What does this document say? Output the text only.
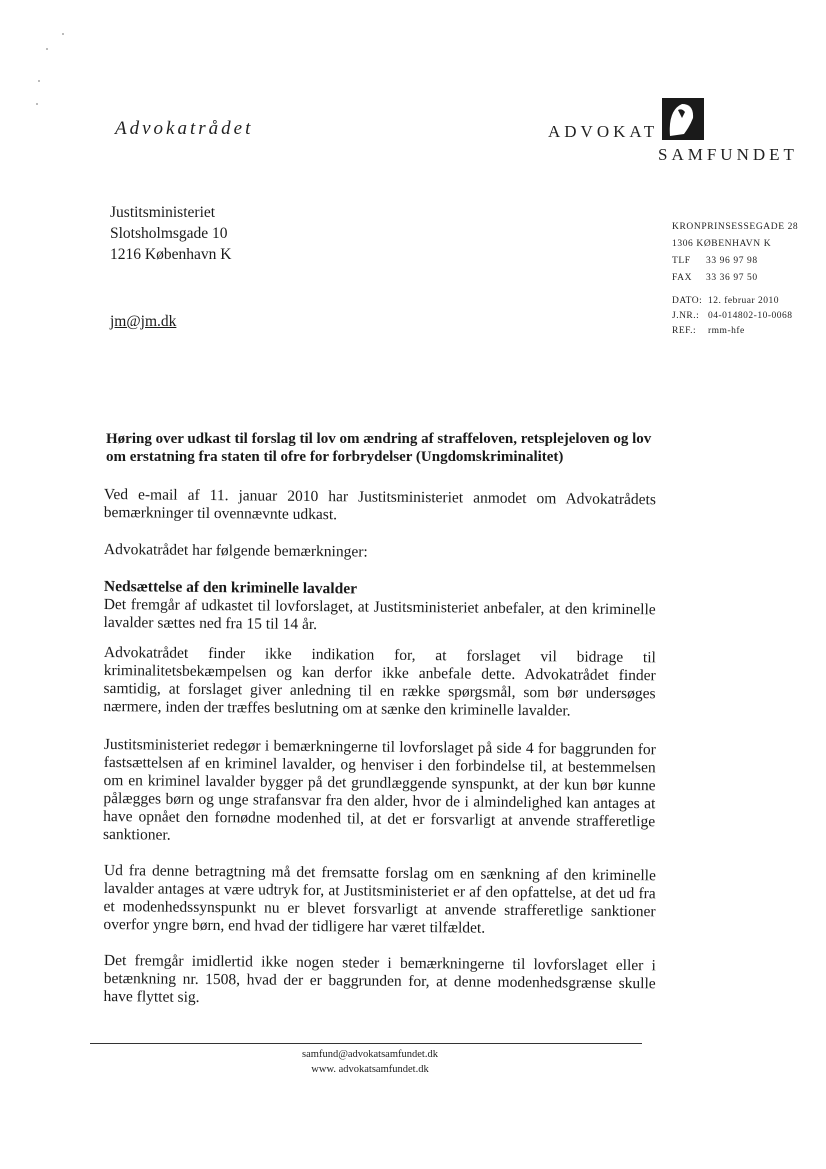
Advokatrådet	ADVOKAT
SAMFUNDET
Justitsministeriet
Slotsholmsgade 10
1216 København K
jm@jm.dk
KRONPRINSESSEGADE 28
1306 KØBENHAVN K
TLF 33 96 97 98
FAX 33 36 97 50
DATO: 12. februar 2010
J.NR.: 04-014802-10-0068
REF.: rmm-hfe
Høring over udkast til forslag til lov om ændring af straffeloven, retsplejeloven og lov om erstatning fra staten til ofre for forbrydelser (Ungdomskriminalitet)
Ved e-mail af 11. januar 2010 har Justitsministeriet anmodet om Advokatrådets bemærkninger til ovennævnte udkast.
Advokatrådet har følgende bemærkninger:
Nedsættelse af den kriminelle lavalder
Det fremgår af udkastet til lovforslaget, at Justitsministeriet anbefaler, at den kriminelle lavalder sættes ned fra 15 til 14 år.
Advokatrådet finder ikke indikation for, at forslaget vil bidrage til kriminalitetsbekæmpelsen og kan derfor ikke anbefale dette. Advokatrådet finder samtidig, at forslaget giver anledning til en række spørgsmål, som bør undersøges nærmere, inden der træffes beslutning om at sænke den kriminelle lavalder.
Justitsministeriet redegør i bemærkningerne til lovforslaget på side 4 for baggrunden for fastsættelsen af en kriminel lavalder, og henviser i den forbindelse til, at bestemmelsen om en kriminel lavalder bygger på det grundlæggende synspunkt, at der kun bør kunne pålægges børn og unge strafansvar fra den alder, hvor de i almindelighed kan antages at have opnået den fornødne modenhed til, at det er forsvarligt at anvende strafferetlige sanktioner.
Ud fra denne betragtning må det fremsatte forslag om en sænkning af den kriminelle lavalder antages at være udtryk for, at Justitsministeriet er af den opfattelse, at det ud fra et modenhedssynspunkt nu er blevet forsvarligt at anvende strafferetlige sanktioner overfor yngre børn, end hvad der tidligere har været tilfældet.
Det fremgår imidlertid ikke nogen steder i bemærkningerne til lovforslaget eller i betænkning nr. 1508, hvad der er baggrunden for, at denne modenhedsgrænse skulle have flyttet sig.
samfund@advokatsamfundet.dk
www. advokatsamfundet.dk
